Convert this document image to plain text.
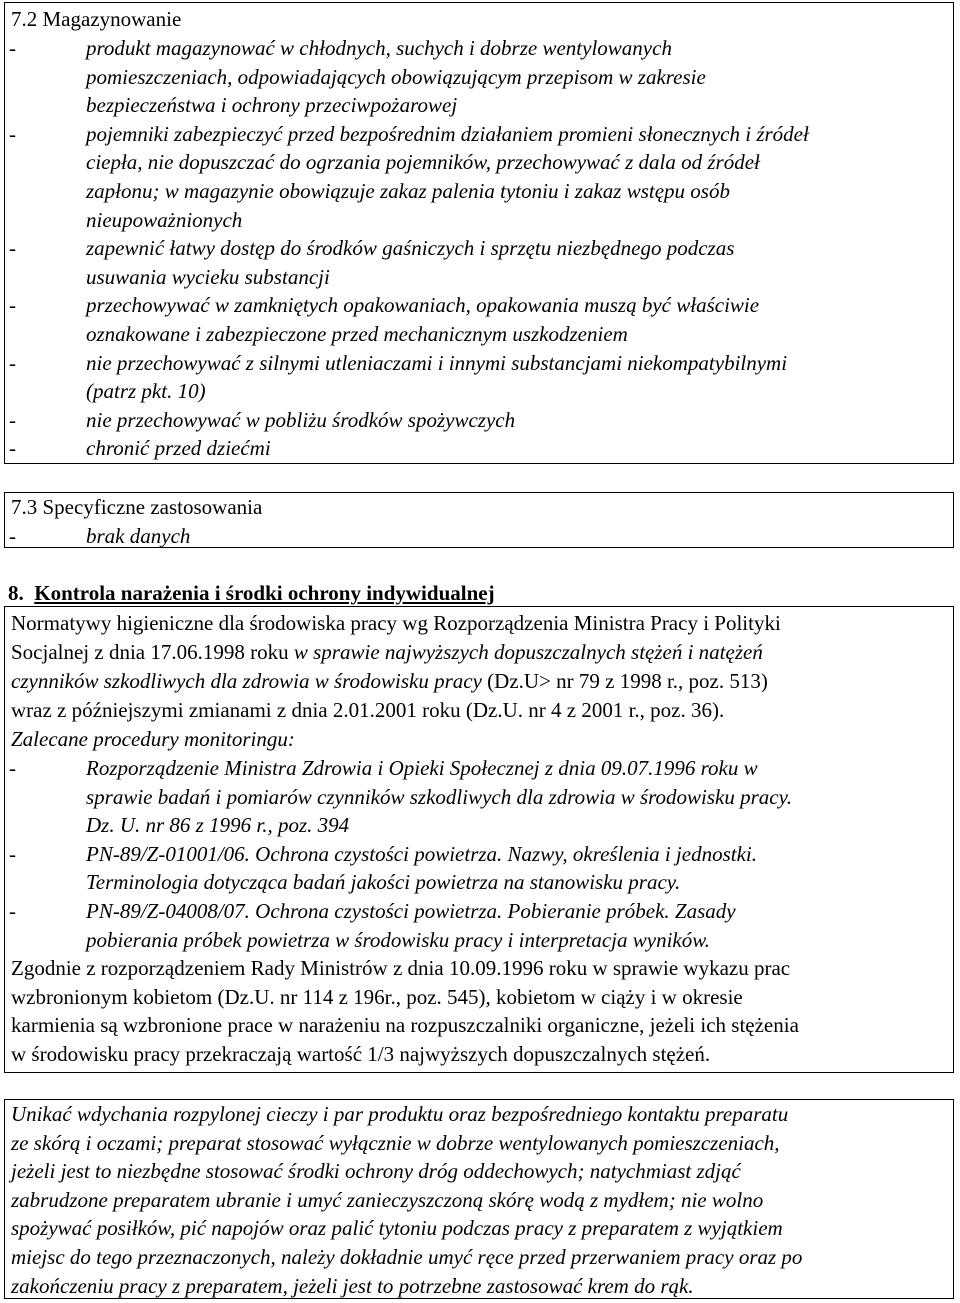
7.2 Magazynowanie
-	produkt magazynować w chłodnych, suchych i dobrze wentylowanych
pomieszczeniach, odpowiadających obowiązującym przepisom w zakresie
bezpieczeństwa i ochrony przeciwpożarowej
-	pojemniki zabezpieczyć przed bezpośrednim działaniem promieni słonecznych i źródeł
ciepła, nie dopuszczać do ogrzania pojemników, przechowywać z dala od źródeł
zapłonu; w magazynie obowiązuje zakaz palenia tytoniu i zakaz wstępu osób
nieupoważnionych
-	zapewnić łatwy dostęp do środków gaśniczych i sprzętu niezbędnego podczas
usuwania wycieku substancji
-	przechowywać w zamkniętych opakowaniach, opakowania muszą być właściwie
oznakowane i zabezpieczone przed mechanicznym uszkodzeniem
-	nie przechowywać z silnymi utleniaczami i innymi substancjami niekompatybilnymi
(patrz pkt. 10)
-	nie przechowywać w pobliżu środków spożywczych
-	chronić przed dziećmi
7.3 Specyficzne zastosowania
-	brak danych
8. Kontrola narażenia i środki ochrony indywidualnej
Normatywy higieniczne dla środowiska pracy wg Rozporządzenia Ministra Pracy i Polityki
Socjalnej z dnia 17.06.1998 roku w sprawie najwyższych dopuszczalnych stężeń i natężeń
czynników szkodliwych dla zdrowia w środowisku pracy (Dz.U> nr 79 z 1998 r., poz. 513)
wraz z późniejszymi zmianami z dnia 2.01.2001 roku (Dz.U. nr 4 z 2001 r., poz. 36).
Zalecane procedury monitoringu:
-	Rozporządzenie Ministra Zdrowia i Opieki Społecznej z dnia 09.07.1996 roku w
sprawie badań i pomiarów czynników szkodliwych dla zdrowia w środowisku pracy.
Dz. U. nr 86 z 1996 r., poz. 394
-	PN-89/Z-01001/06. Ochrona czystości powietrza. Nazwy, określenia i jednostki.
Terminologia dotycząca badań jakości powietrza na stanowisku pracy.
-	PN-89/Z-04008/07. Ochrona czystości powietrza. Pobieranie próbek. Zasady
pobierania próbek powietrza w środowisku pracy i interpretacja wyników.
Zgodnie z rozporządzeniem Rady Ministrów z dnia 10.09.1996 roku w sprawie wykazu prac
wzbronionym kobietom (Dz.U. nr 114 z 196r., poz. 545), kobietom w ciąży i w okresie
karmienia są wzbronione prace w narażeniu na rozpuszczalniki organiczne, jeżeli ich stężenia
w środowisku pracy przekraczają wartość 1/3 najwyższych dopuszczalnych stężeń.
Unikać wdychania rozpylonej cieczy i par produktu oraz bezpośredniego kontaktu preparatu
ze skórą i oczami; preparat stosować wyłącznie w dobrze wentylowanych pomieszczeniach,
jeżeli jest to niezbędne stosować środki ochrony dróg oddechowych; natychmiast zdjąć
zabrudzone preparatem ubranie i umyć zanieczyszczoną skórę wodą z mydłem; nie wolno
spożywać posiłków, pić napojów oraz palić tytoniu podczas pracy z preparatem z wyjątkiem
miejsc do tego przeznaczonych, należy dokładnie umyć ręce przed przerwaniem pracy oraz po
zakończeniu pracy z preparatem, jeżeli jest to potrzebne zastosować krem do rąk.
